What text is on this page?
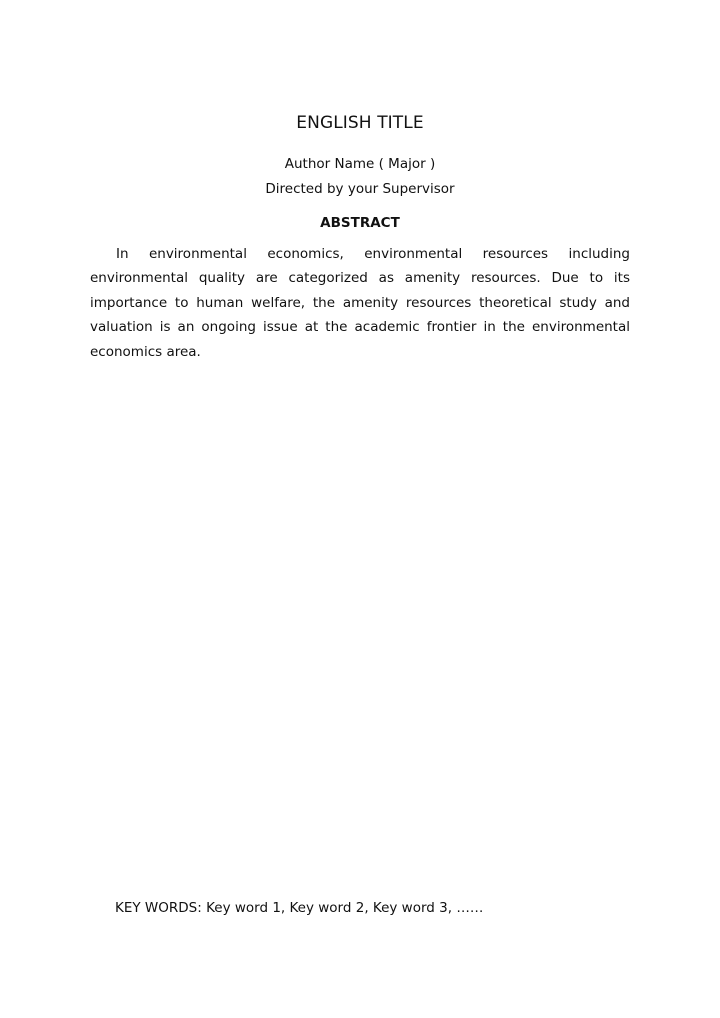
ENGLISH TITLE
Author Name ( Major )
Directed by your Supervisor
ABSTRACT

In environmental economics, environmental resources including environmental quality are categorized as amenity resources. Due to its importance to human welfare, the amenity resources theoretical study and valuation is an ongoing issue at the academic frontier in the environmental economics area.

KEY WORDS: Key word 1, Key word 2, Key word 3, ……
